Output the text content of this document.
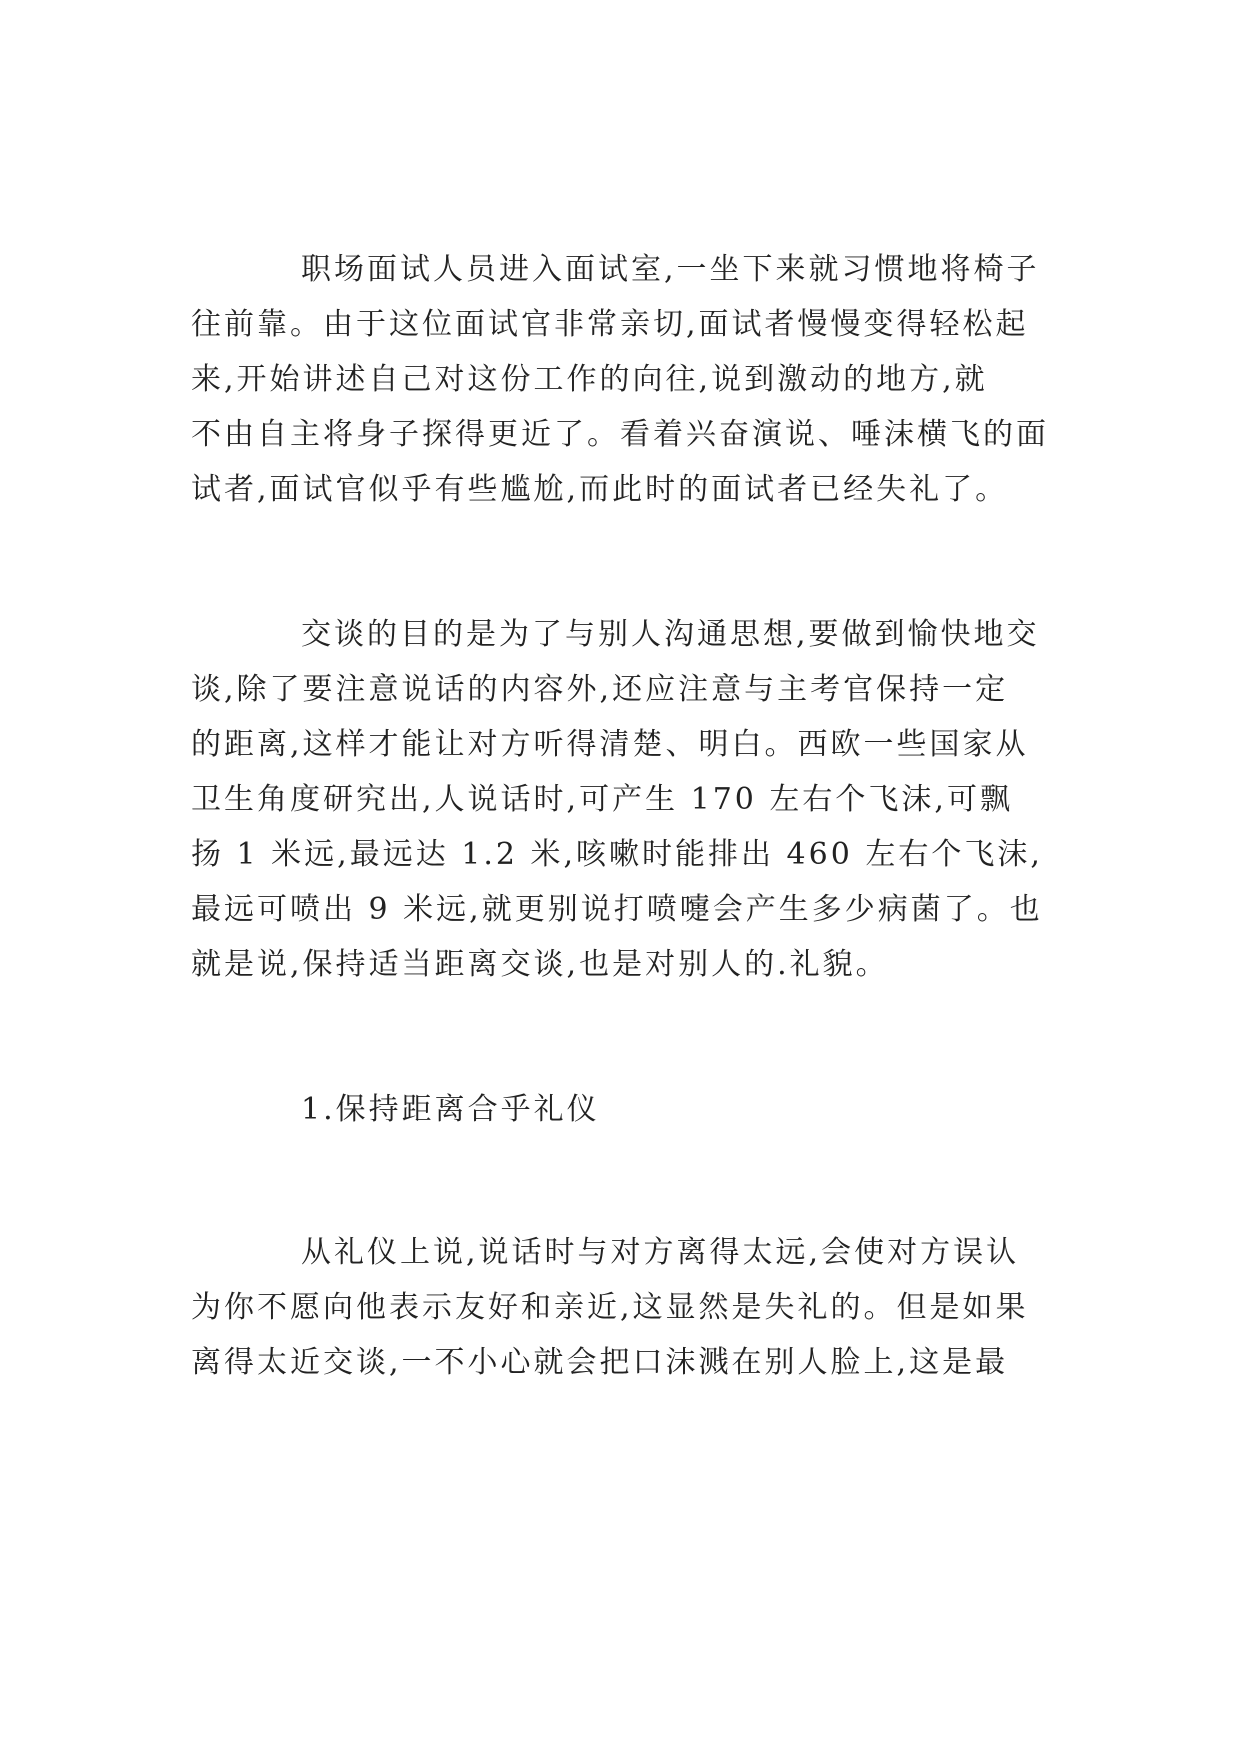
职场面试人员进入面试室,一坐下来就习惯地将椅子
往前靠。由于这位面试官非常亲切,面试者慢慢变得轻松起
来,开始讲述自己对这份工作的向往,说到激动的地方,就
不由自主将身子探得更近了。看着兴奋演说、唾沫横飞的面
试者,面试官似乎有些尴尬,而此时的面试者已经失礼了。
交谈的目的是为了与别人沟通思想,要做到愉快地交
谈,除了要注意说话的内容外,还应注意与主考官保持一定
的距离,这样才能让对方听得清楚、明白。西欧一些国家从
卫生角度研究出,人说话时,可产生 170 左右个飞沫,可飘
扬 1 米远,最远达 1.2 米,咳嗽时能排出 460 左右个飞沫,
最远可喷出 9 米远,就更别说打喷嚏会产生多少病菌了。也
就是说,保持适当距离交谈,也是对别人的.礼貌。
1.保持距离合乎礼仪
从礼仪上说,说话时与对方离得太远,会使对方误认
为你不愿向他表示友好和亲近,这显然是失礼的。但是如果
离得太近交谈,一不小心就会把口沫溅在别人脸上,这是最
